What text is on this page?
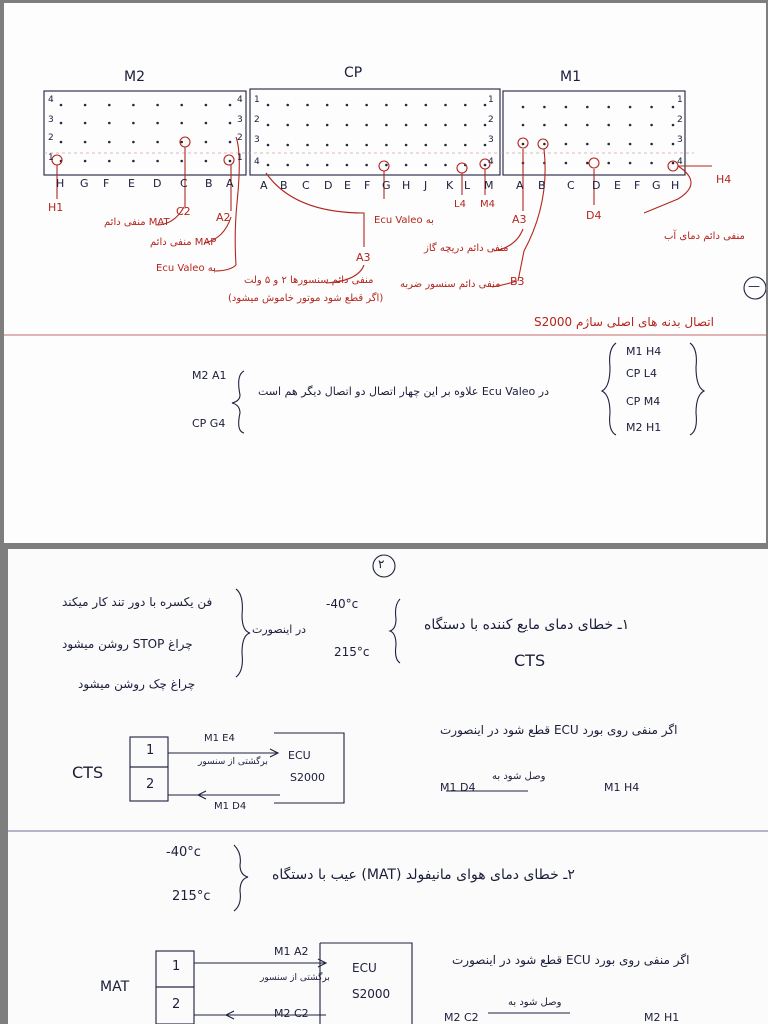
M2	CP	M1
4
3
2
1
4
3
2
1
1
2
3
4
1
2
3
4
1
2
3
4
H G F E D C B A A B C D E F G H J K L M A B C D E F G H
H1
منفی دائم MAT
C2 A2
منفی دائم MAP
Ecu Valeo به
A3
منفی دائم سنسورها ۲ و ۵ ولت
(اگر قطع شود موتور خاموش میشود)
Ecu Valeo به
L4 M4
A3
منفی دائم دریچه گاز
B3
منفی دائم سنسور ضربه
D4
H4
منفی دائم دمای آب
—
اتصال بدنه های اصلی ساژم S2000
M2 A1
CP G4
در Ecu Valeo علاوه بر این چهار اتصال دو اتصال دیگر هم است
M1 H4
CP L4
CP M4
M2 H1
۲
۱ـ خطای دمای مایع کننده با دستگاه
CTS
-40°c
215°c
در اینصورت
فن یکسره با دور تند کار میکند
چراغ STOP روشن میشود
چراغ چک روشن میشود
CTS
1
2
M1 E4
برگشتی از سنسور
M1 D4
ECU
S2000
اگر منفی روی بورد ECU قطع شود در اینصورت
M1 D4
وصل شود به
M1 H4
۲ـ خطای دمای هوای مانیفولد (MAT) عیب با دستگاه
-40°c
215°c
MAT
1
2
M1 A2
برگشتی از سنسور
M2 C2
ECU
S2000
اگر منفی روی بورد ECU قطع شود در اینصورت
M2 C2
وصل شود به
M2 H1
